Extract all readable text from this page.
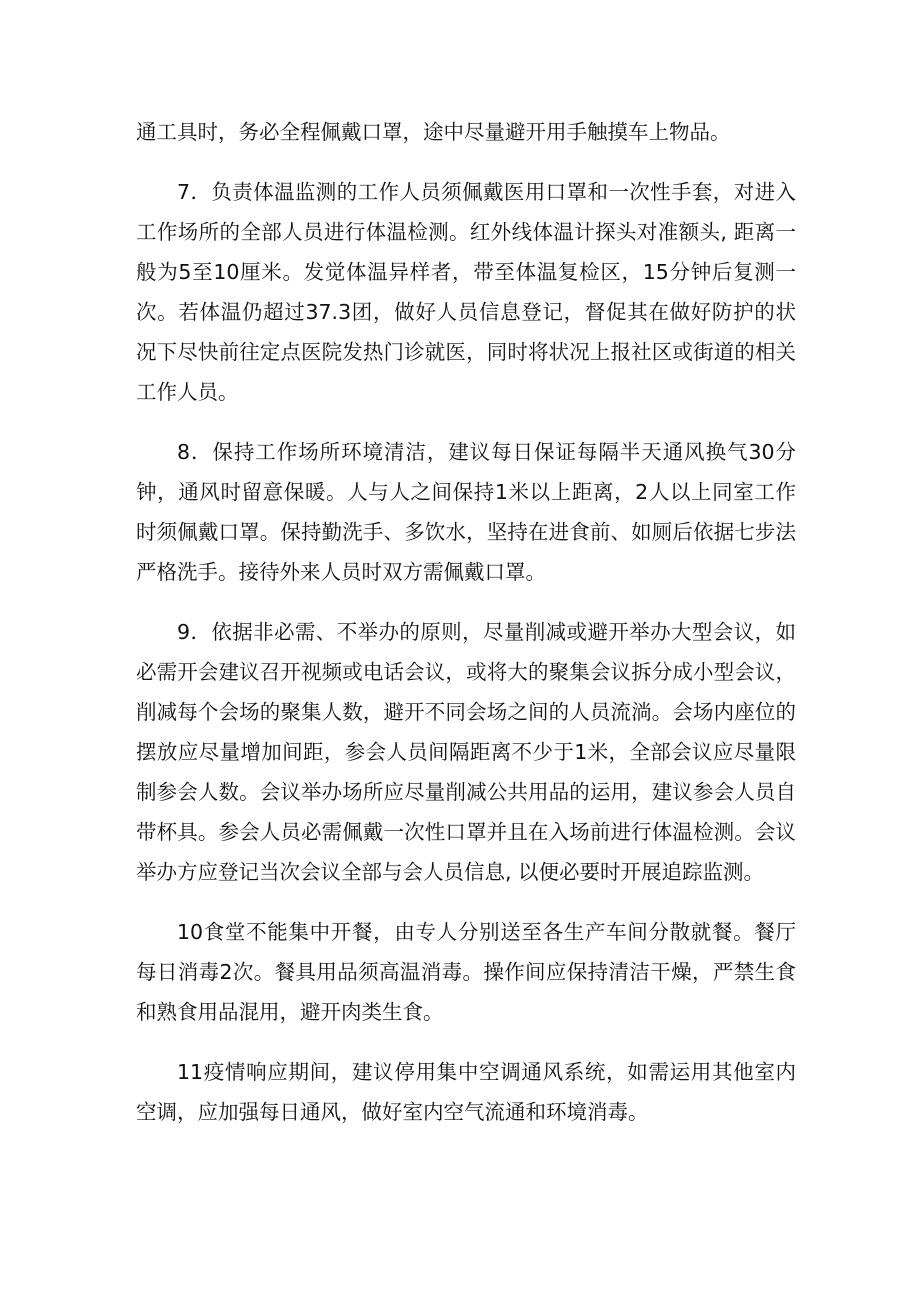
通工具时，务必全程佩戴口罩，途中尽量避开用手触摸车上物品。

7．负责体温监测的工作人员须佩戴医用口罩和一次性手套，对进入工作场所的全部人员进行体温检测。红外线体温计探头对准额头, 距离一般为5至10厘米。发觉体温异样者，带至体温复检区，15分钟后复测一次。若体温仍超过37.3团，做好人员信息登记，督促其在做好防护的状况下尽快前往定点医院发热门诊就医，同时将状况上报社区或街道的相关工作人员。

8．保持工作场所环境清洁，建议每日保证每隔半天通风换气30分钟，通风时留意保暖。人与人之间保持1米以上距离，2人以上同室工作时须佩戴口罩。保持勤洗手、多饮水，坚持在进食前、如厕后依据七步法严格洗手。接待外来人员时双方需佩戴口罩。

9．依据非必需、不举办的原则，尽量削减或避开举办大型会议，如必需开会建议召开视频或电话会议，或将大的聚集会议拆分成小型会议，削减每个会场的聚集人数，避开不同会场之间的人员流淌。会场内座位的摆放应尽量增加间距，参会人员间隔距离不少于1米，全部会议应尽量限制参会人数。会议举办场所应尽量削减公共用品的运用，建议参会人员自带杯具。参会人员必需佩戴一次性口罩并且在入场前进行体温检测。会议举办方应登记当次会议全部与会人员信息, 以便必要时开展追踪监测。

10食堂不能集中开餐，由专人分别送至各生产车间分散就餐。餐厅每日消毒2次。餐具用品须高温消毒。操作间应保持清洁干燥，严禁生食和熟食用品混用，避开肉类生食。

11疫情响应期间，建议停用集中空调通风系统，如需运用其他室内空调，应加强每日通风，做好室内空气流通和环境消毒。
